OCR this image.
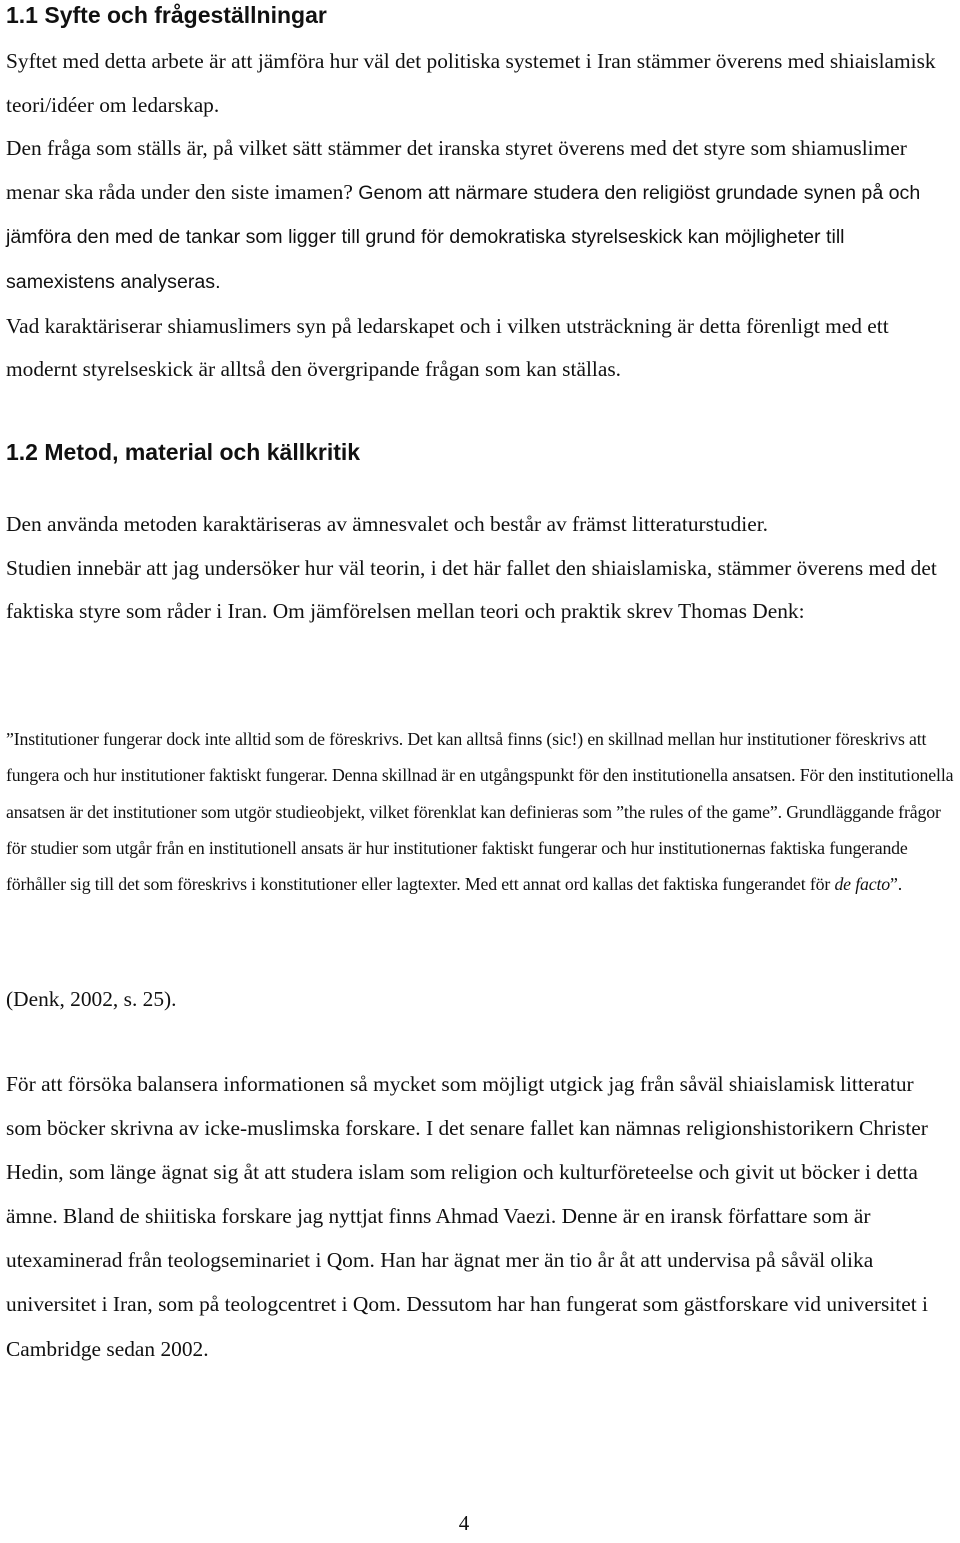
1.1 Syfte och frågeställningar

Syftet med detta arbete är att jämföra hur väl det politiska systemet i Iran stämmer överens med shiaislamisk teori/idéer om ledarskap.
Den fråga som ställs är, på vilket sätt stämmer det iranska styret överens med det styre som shiamuslimer menar ska råda under den siste imamen? Genom att närmare studera den religiöst grundade synen på och jämföra den med de tankar som ligger till grund för demokratiska styrelseskick kan möjligheter till samexistens analyseras.
Vad karaktäriserar shiamuslimers syn på ledarskapet och i vilken utsträckning är detta förenligt med ett modernt styrelseskick är alltså den övergripande frågan som kan ställas.

1.2 Metod, material och källkritik

Den använda metoden karaktäriseras av ämnesvalet och består av främst litteraturstudier.
Studien innebär att jag undersöker hur väl teorin, i det här fallet den shiaislamiska, stämmer överens med det faktiska styre som råder i Iran. Om jämförelsen mellan teori och praktik skrev Thomas Denk:

”Institutioner fungerar dock inte alltid som de föreskrivs. Det kan alltså finns (sic!) en skillnad mellan hur institutioner föreskrivs att fungera och hur institutioner faktiskt fungerar. Denna skillnad är en utgångspunkt för den institutionella ansatsen. För den institutionella ansatsen är det institutioner som utgör studieobjekt, vilket förenklat kan definieras som ”the rules of the game”. Grundläggande frågor för studier som utgår från en institutionell ansats är hur institutioner faktiskt fungerar och hur institutionernas faktiska fungerande förhåller sig till det som föreskrivs i konstitutioner eller lagtexter. Med ett annat ord kallas det faktiska fungerandet för de facto”.

(Denk, 2002, s. 25).

För att försöka balansera informationen så mycket som möjligt utgick jag från såväl shiaislamisk litteratur som böcker skrivna av icke-muslimska forskare. I det senare fallet kan nämnas religionshistorikern Christer Hedin, som länge ägnat sig åt att studera islam som religion och kulturföreteelse och givit ut böcker i detta ämne. Bland de shiitiska forskare jag nyttjat finns Ahmad Vaezi. Denne är en iransk författare som är utexaminerad från teologseminariet i Qom. Han har ägnat mer än tio år åt att undervisa på såväl olika universitet i Iran, som på teologcentret i Qom. Dessutom har han fungerat som gästforskare vid universitet i Cambridge sedan 2002.

4
